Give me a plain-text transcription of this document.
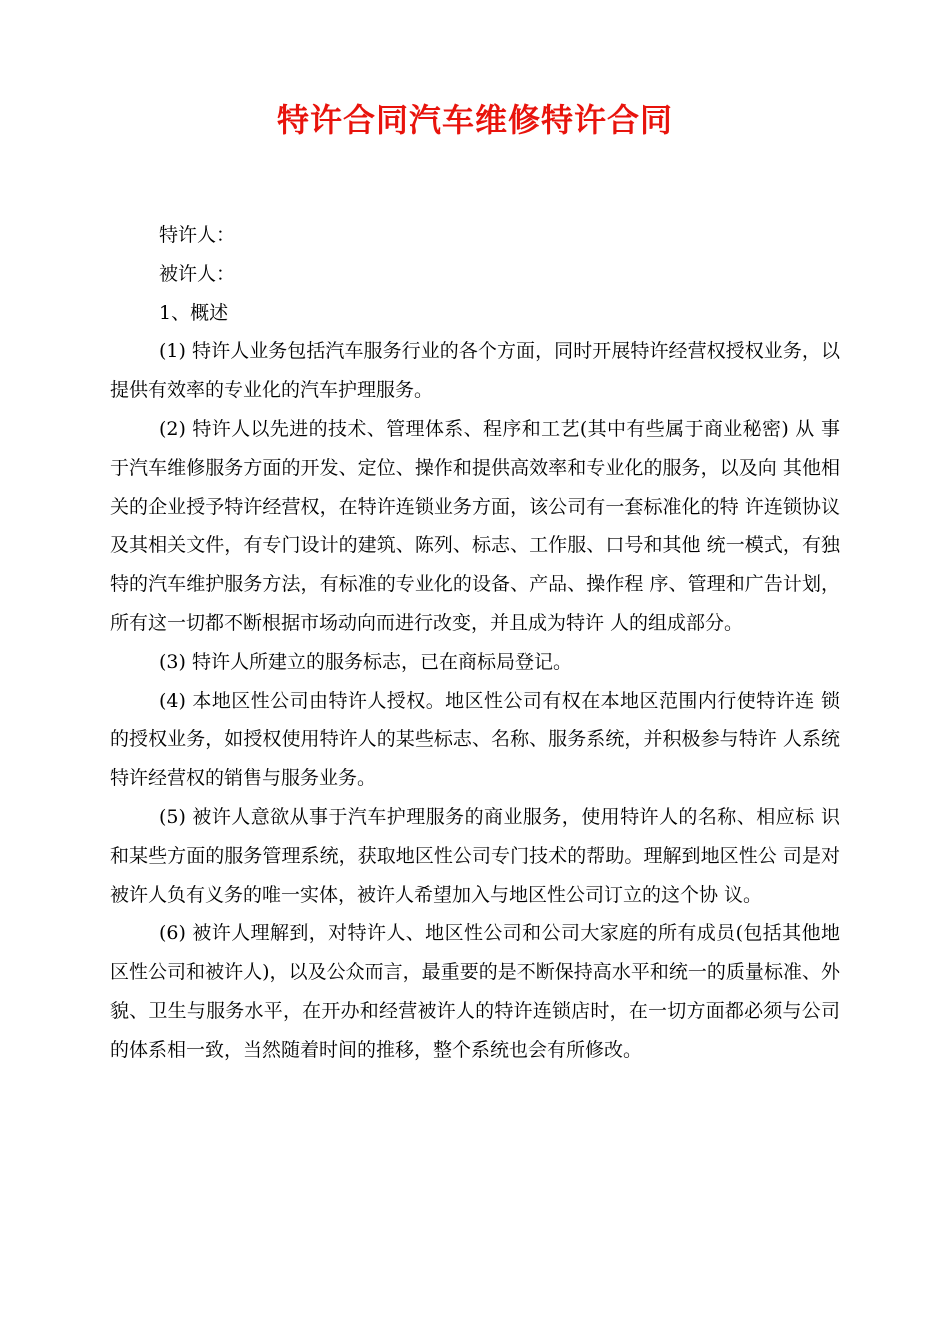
特许合同汽车维修特许合同

特许人：

被许人：

1、概述

(1) 特许人业务包括汽车服务行业的各个方面，同时开展特许经营权授权业务，以提供有效率的专业化的汽车护理服务。

(2) 特许人以先进的技术、管理体系、程序和工艺(其中有些属于商业秘密) 从 事于汽车维修服务方面的开发、定位、操作和提供高效率和专业化的服务，以及向 其他相关的企业授予特许经营权，在特许连锁业务方面，该公司有一套标准化的特 许连锁协议及其相关文件，有专门设计的建筑、陈列、标志、工作服、口号和其他 统一模式，有独特的汽车维护服务方法，有标准的专业化的设备、产品、操作程 序、管理和广告计划，所有这一切都不断根据市场动向而进行改变，并且成为特许 人的组成部分。

(3) 特许人所建立的服务标志，已在商标局登记。

(4) 本地区性公司由特许人授权。地区性公司有权在本地区范围内行使特许连 锁的授权业务，如授权使用特许人的某些标志、名称、服务系统，并积极参与特许 人系统特许经营权的销售与服务业务。

(5) 被许人意欲从事于汽车护理服务的商业服务，使用特许人的名称、相应标 识和某些方面的服务管理系统，获取地区性公司专门技术的帮助。理解到地区性公 司是对被许人负有义务的唯一实体，被许人希望加入与地区性公司订立的这个协 议。

(6) 被许人理解到，对特许人、地区性公司和公司大家庭的所有成员(包括其他地区性公司和被许人)，以及公众而言，最重要的是不断保持高水平和统一的质量标准、外貌、卫生与服务水平，在开办和经营被许人的特许连锁店时，在一切方面都必须与公司的体系相一致，当然随着时间的推移，整个系统也会有所修改。
